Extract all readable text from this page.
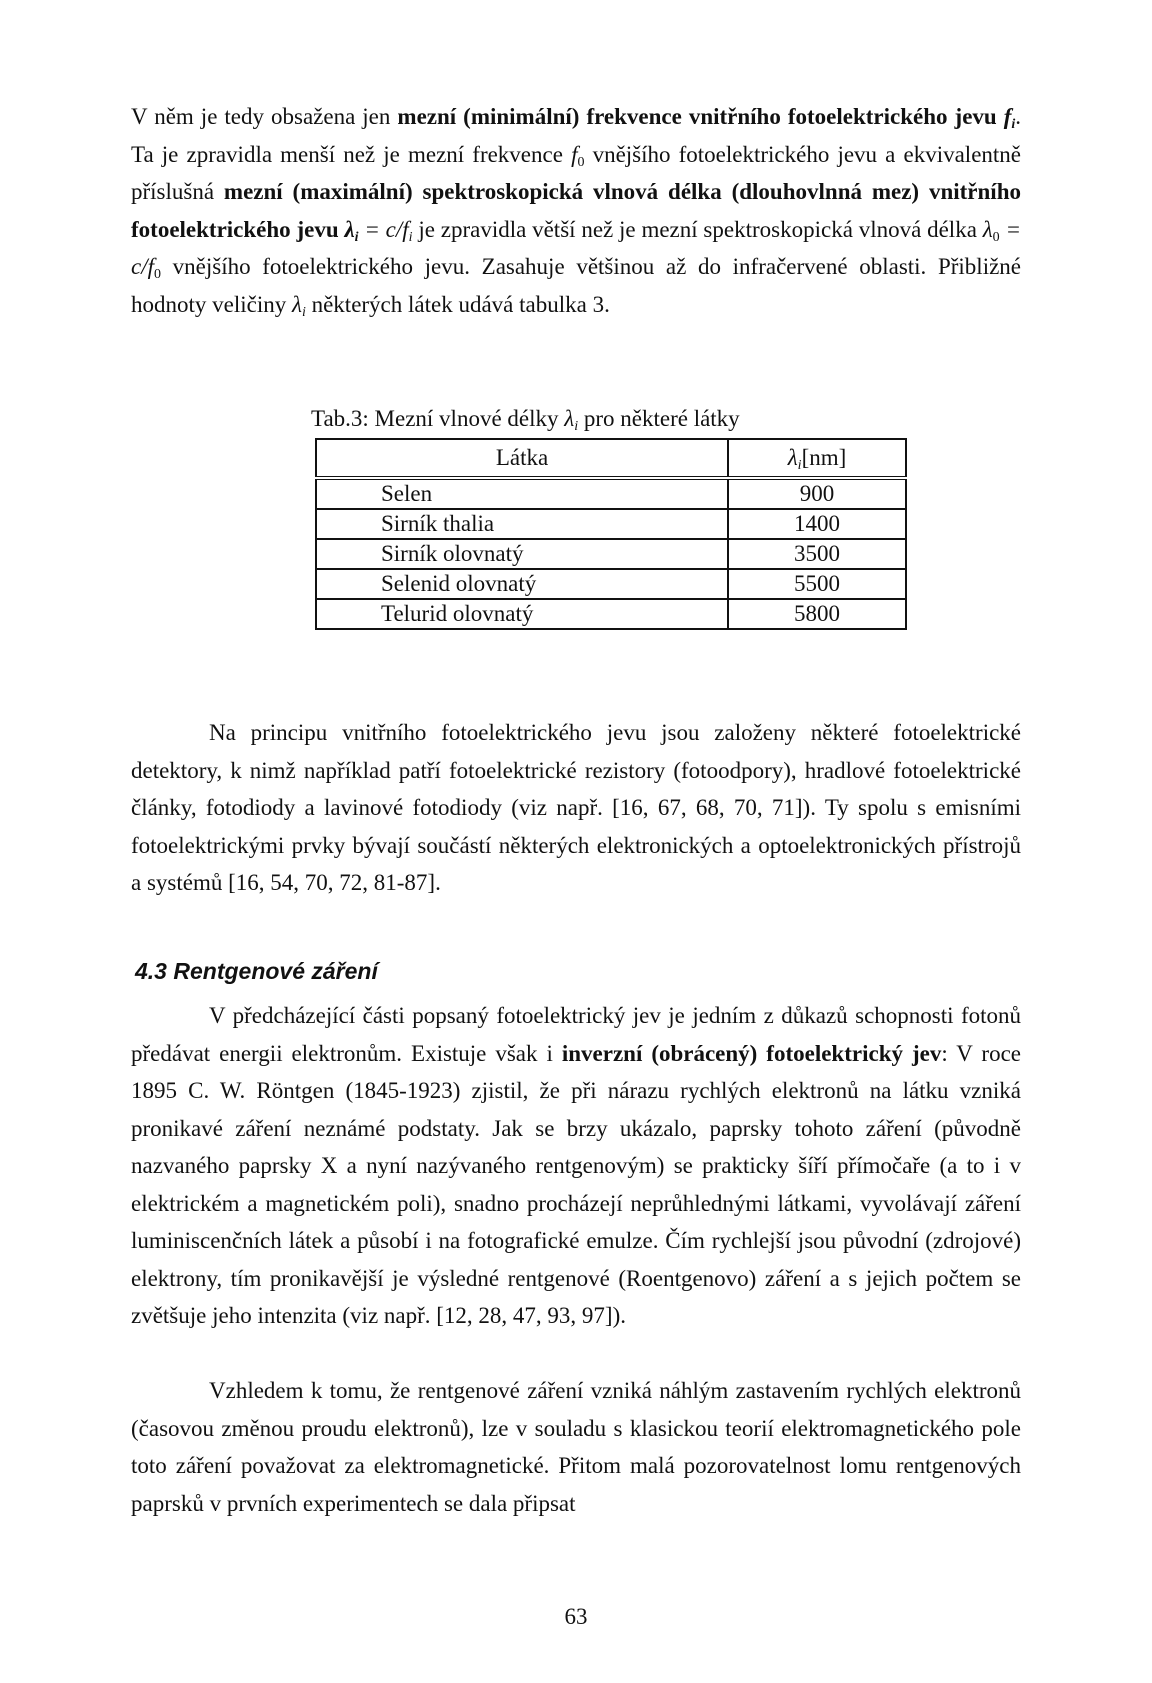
V něm je tedy obsažena jen mezní (minimální) frekvence vnitřního fotoelektrického jevu $f_i$. Ta je zpravidla menší než je mezní frekvence $f_0$ vnějšího fotoelektrického jevu a ekvivalentně příslušná mezní (maximální) spektroskopická vlnová délka (dlouhovlnná mez) vnitřního fotoelektrického jevu $\lambda_i = c/f_i$ je zpravidla větší než je mezní spektroskopická vlnová délka $\lambda_0 = c/f_0$ vnějšího fotoelektrického jevu. Zasahuje většinou až do infračervené oblasti. Přibližné hodnoty veličiny $\lambda_i$ některých látek udává tabulka 3.

Tab.3: Mezní vlnové délky $\lambda_i$ pro některé látky
Látka	$\lambda_i[nm]$
Selen	900
Sirník thalia	1400
Sirník olovnatý	3500
Selenid olovnatý	5500
Telurid olovnatý	5800

Na principu vnitřního fotoelektrického jevu jsou založeny některé fotoelektrické detektory, k nimž například patří fotoelektrické rezistory (fotoodpory), hradlové fotoelektrické články, fotodiody a lavinové fotodiody (viz např. [16, 67, 68, 70, 71]). Ty spolu s emisními fotoelektrickými prvky bývají součástí některých elektronických a optoelektronických přístrojů a systémů [16, 54, 70, 72, 81-87].

4.3 Rentgenové záření

V předcházející části popsaný fotoelektrický jev je jedním z důkazů schopnosti fotonů předávat energii elektronům. Existuje však i inverzní (obrácený) fotoelektrický jev: V roce 1895 C. W. Röntgen (1845-1923) zjistil, že při nárazu rychlých elektronů na látku vzniká pronikavé záření neznámé podstaty. Jak se brzy ukázalo, paprsky tohoto záření (původně nazvaného paprsky X a nyní nazývaného rentgenovým) se prakticky šíří přímočaře (a to i v elektrickém a magnetickém poli), snadno procházejí neprůhlednými látkami, vyvolávají záření luminiscenčních látek a působí i na fotografické emulze. Čím rychlejší jsou původní (zdrojové) elektrony, tím pronikavější je výsledné rentgenové (Roentgenovo) záření a s jejich počtem se zvětšuje jeho intenzita (viz např. [12, 28, 47, 93, 97]).

Vzhledem k tomu, že rentgenové záření vzniká náhlým zastavením rychlých elektronů (časovou změnou proudu elektronů), lze v souladu s klasickou teorií elektromagnetického pole toto záření považovat za elektromagnetické. Přitom malá pozorovatelnost lomu rentgenových paprsků v prvních experimentech se dala připsat

63
